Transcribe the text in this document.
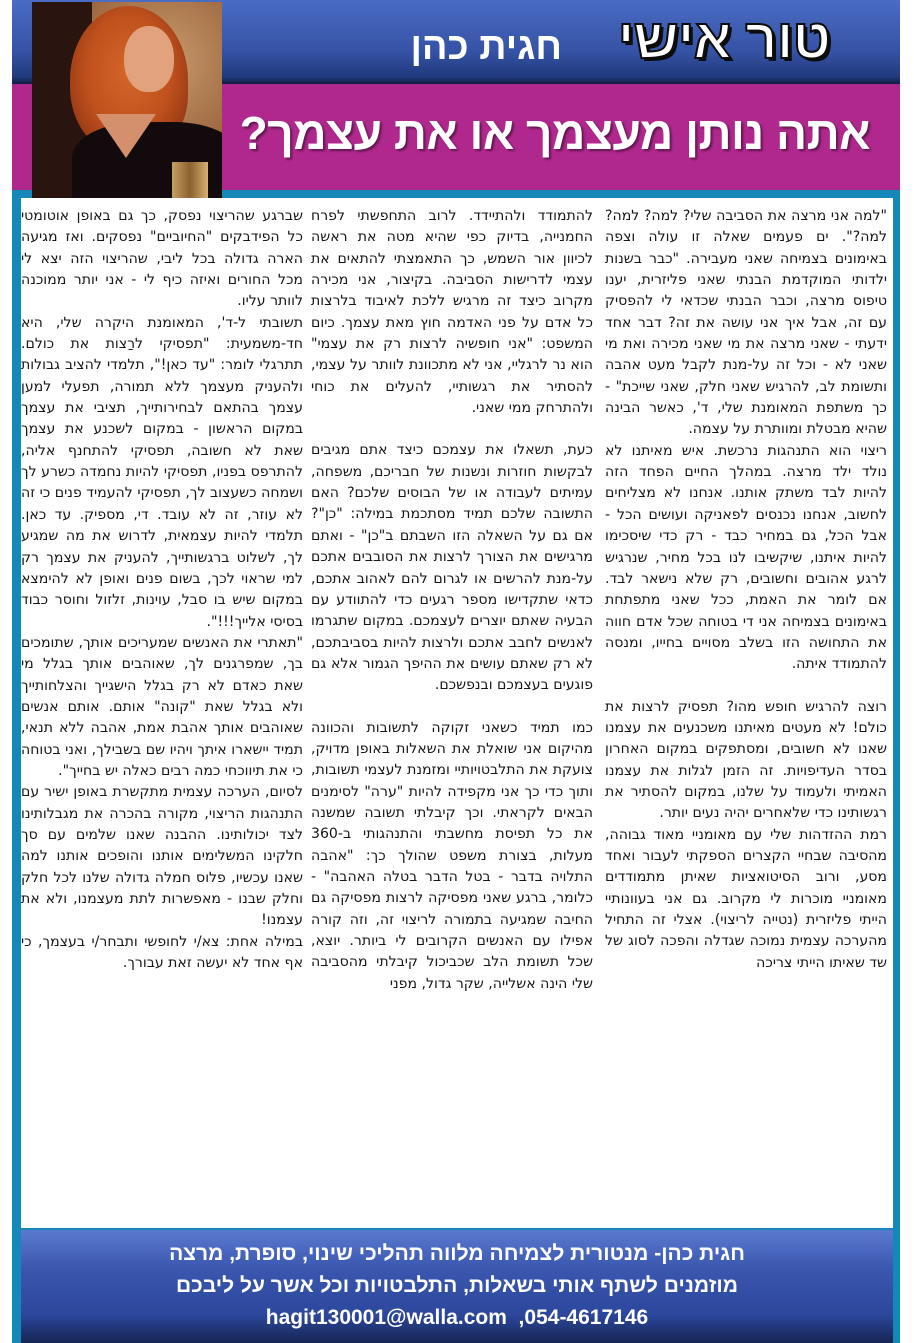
טור אישי
חגית כהן
אתה נותן מעצמך או את עצמך?

"למה אני מרצה את הסביבה שלי? למה? למה? למה?". ים פעמים שאלה זו עולה וצפה באימונים בצמיחה שאני מעבירה. "כבר בשנות ילדותי המוקדמת הבנתי שאני פליזרית, יענו טיפוס מרצה, וכבר הבנתי שכדאי לי להפסיק עם זה, אבל איך אני עושה את זה? דבר אחד ידעתי - שאני מרצה את מי שאני מכירה ואת מי שאני לא - וכל זה על-מנת לקבל מעט אהבה ותשומת לב, להרגיש שאני חלק, שאני שייכת" - כך משתפת המאומנת שלי, ד', כאשר הבינה שהיא מבטלת ומוותרת על עצמה.

ריצוי הוא התנהגות נרכשת. איש מאיתנו לא נולד ילד מרצה. במהלך החיים הפחד הזה להיות לבד משתק אותנו. אנחנו לא מצליחים לחשוב, אנחנו נכנסים לפאניקה ועושים הכל - אבל הכל, גם במחיר כבד - רק כדי שיסכימו להיות איתנו, שיקשיבו לנו בכל מחיר, שנרגיש לרגע אהובים וחשובים, רק שלא נישאר לבד. אם לומר את האמת, ככל שאני מתפתחת באימונים בצמיחה אני די בטוחה שכל אדם חווה את התחושה הזו בשלב מסויים בחייו, ומנסה להתמודד איתה.

רוצה להרגיש חופש מהו? תפסיק לרצות את כולם! לא מעטים מאיתנו משכנעים את עצמנו שאנו לא חשובים, ומסתפקים במקום האחרון בסדר העדיפויות. זה הזמן לגלות את עצמנו האמיתי ולעמוד על שלנו, במקום להסתיר את רגשותינו כדי שלאחרים יהיה נעים יותר.

רמת ההזדהות שלי עם מאומניי מאוד גבוהה, מהסיבה שבחיי הקצרים הספקתי לעבור ואחד מסע, ורוב הסיטואציות שאיתן מתמודדים מאומניי מוכרות לי מקרוב. גם אני בעוונותיי הייתי פליזרית (נטייה לריצוי). אצלי זה התחיל מהערכה עצמית נמוכה שגדלה והפכה לסוג של שד שאיתו הייתי צריכה

להתמודד ולהתיידד. לרוב התחפשתי לפרח החמנייה, בדיוק כפי שהיא מטה את ראשה לכיוון אור השמש, כך התאמצתי להתאים את עצמי לדרישות הסביבה. בקיצור, אני מכירה מקרוב כיצד זה מרגיש ללכת לאיבוד בלרצות כל אדם על פני האדמה חוץ מאת עצמך. כיום המשפט: "אני חופשיה לרצות רק את עצמי" הוא נר לרגליי, אני לא מתכוונת לוותר על עצמי, להסתיר את רגשותיי, להעלים את כוחי ולהתרחק ממי שאני.

כעת, תשאלו את עצמכם כיצד אתם מגיבים לבקשות חוזרות ונשנות של חבריכם, משפחה, עמיתים לעבודה או של הבוסים שלכם? האם התשובה שלכם תמיד מסתכמת במילה: "כן"? אם גם על השאלה הזו השבתם ב"כן" - ואתם מרגישים את הצורך לרצות את הסובבים אתכם על-מנת להרשים או לגרום להם לאהוב אתכם, כדאי שתקדישו מספר רגעים כדי להתוודע עם הבעיה שאתם יוצרים לעצמכם. במקום שתגרמו לאנשים לחבב אתכם ולרצות להיות בסביבתכם, לא רק שאתם עושים את ההיפך הגמור אלא גם פוגעים בעצמכם ובנפשכם.

כמו תמיד כשאני זקוקה לתשובות והכוונה מהיקום אני שואלת את השאלות באופן מדויק, צועקת את התלבטויותיי ומזמנת לעצמי תשובות, ותוך כדי כך אני מקפידה להיות "ערה" לסימנים הבאים לקראתי. וכך קיבלתי תשובה שמשנה את כל תפיסת מחשבתי והתנהגותי ב-360 מעלות, בצורת משפט שהולך כך: "אהבה התלויה בדבר - בטל הדבר בטלה האהבה" - כלומר, ברגע שאני מפסיקה לרצות מפסיקה גם החיבה שמגיעה בתמורה לריצוי זה, וזה קורה אפילו עם האנשים הקרובים לי ביותר. יוצא, שכל תשומת הלב שכביכול קיבלתי מהסביבה שלי הינה אשלייה, שקר גדול, מפני

שברגע שהריצוי נפסק, כך גם באופן אוטומטי כל הפידבקים "החיוביים" נפסקים. ואז מגיעה הארה גדולה בכל ליבי, שהריצוי הזה יצא לי מכל החורים ואיזה כיף לי - אני יותר ממוכנה לוותר עליו.

תשובתי ל-ד', המאומנת היקרה שלי, היא חד-משמעית: "תפסיקי לרַצות את כולם. תתרגלי לומר: "עד כאן!", תלמדי להציב גבולות ולהעניק מעצמך ללא תמורה, תפעלי למען עצמך בהתאם לבחירותייך, תציבי את עצמך במקום הראשון - במקום לשכנע את עצמך שאת לא חשובה, תפסיקי להתחנף אליה, להתרפס בפניו, תפסיקי להיות נחמדה כשרע לך ושמחה כשעצוב לך, תפסיקי להעמיד פנים כי זה לא עוזר, זה לא עובד. די, מספיק. עד כאן. תלמדי להיות עצמאית, לדרוש את מה שמגיע לך, לשלוט ברגשותייך, להעניק את עצמך רק למי שראוי לכך, בשום פנים ואופן לא להימצא במקום שיש בו סבל, עוינות, זלזול וחוסר כבוד בסיסי אלייך!!!".

"תאתרי את האנשים שמעריכים אותך, שתומכים בך, שמפרגנים לך, שאוהבים אותך בגלל מי שאת כאדם לא רק בגלל הישגייך והצלחותייך ולא בגלל שאת "קונה" אותם. אותם אנשים שאוהבים אותך אהבת אמת, אהבה ללא תנאי, תמיד יישארו איתך ויהיו שם בשבילך, ואני בטוחה כי את תיווכחי כמה רבים כאלה יש בחייך".

לסיום, הערכה עצמית מתקשרת באופן ישיר עם התנהגות הריצוי, מקורה בהכרה את מגבלותינו לצד יכולותינו. ההבנה שאנו שלמים עם סך חלקינו המשלימים אותנו והופכים אותנו למה שאנו עכשיו, פלוס חמלה גדולה שלנו לכל חלק וחלק שבנו - מאפשרות לתת מעצמנו, ולא את עצמנו!

במילה אחת: צא/י לחופשי ותבחר/י בעצמך, כי אף אחד לא יעשה זאת עבורך.

חגית כהן- מנטורית לצמיחה מלווה תהליכי שינוי, סופרת, מרצה
מוזמנים לשתף אותי בשאלות, התלבטויות וכל אשר על ליבכם
hagit130001@walla.com  ,054-4617146
